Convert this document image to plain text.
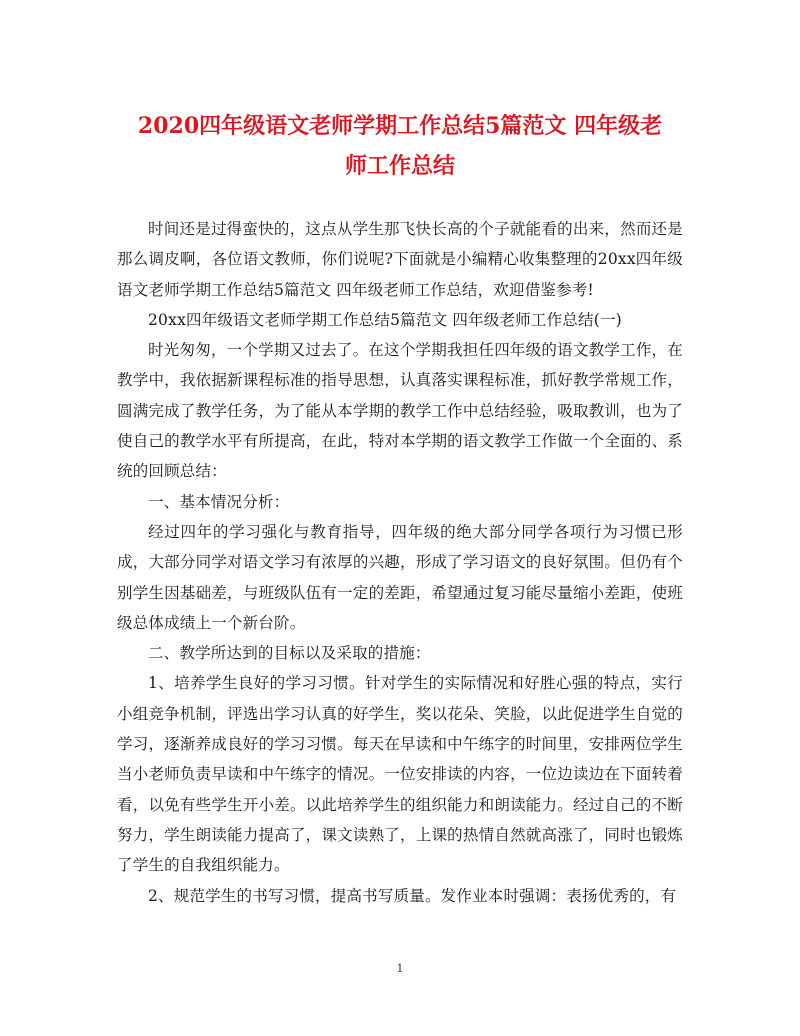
2020四年级语文老师学期工作总结5篇范文 四年级老
师工作总结

时间还是过得蛮快的，这点从学生那飞快长高的个子就能看的出来，然而还是那么调皮啊，各位语文教师，你们说呢?下面就是小编精心收集整理的20xx四年级语文老师学期工作总结5篇范文 四年级老师工作总结，欢迎借鉴参考!

20xx四年级语文老师学期工作总结5篇范文 四年级老师工作总结(一)

时光匆匆，一个学期又过去了。在这个学期我担任四年级的语文教学工作，在教学中，我依据新课程标准的指导思想，认真落实课程标准，抓好教学常规工作，圆满完成了教学任务，为了能从本学期的教学工作中总结经验，吸取教训，也为了使自己的教学水平有所提高，在此，特对本学期的语文教学工作做一个全面的、系统的回顾总结：

一、基本情况分析：

经过四年的学习强化与教育指导，四年级的绝大部分同学各项行为习惯已形成，大部分同学对语文学习有浓厚的兴趣，形成了学习语文的良好氛围。但仍有个别学生因基础差，与班级队伍有一定的差距，希望通过复习能尽量缩小差距，使班级总体成绩上一个新台阶。

二、教学所达到的目标以及采取的措施：

1、培养学生良好的学习习惯。针对学生的实际情况和好胜心强的特点，实行小组竞争机制，评选出学习认真的好学生，奖以花朵、笑脸，以此促进学生自觉的学习，逐渐养成良好的学习习惯。每天在早读和中午练字的时间里，安排两位学生当小老师负责早读和中午练字的情况。一位安排读的内容，一位边读边在下面转着看，以免有些学生开小差。以此培养学生的组织能力和朗读能力。经过自己的不断努力，学生朗读能力提高了，课文读熟了，上课的热情自然就高涨了，同时也锻炼了学生的自我组织能力。

2、规范学生的书写习惯，提高书写质量。发作业本时强调：表扬优秀的，有

1
